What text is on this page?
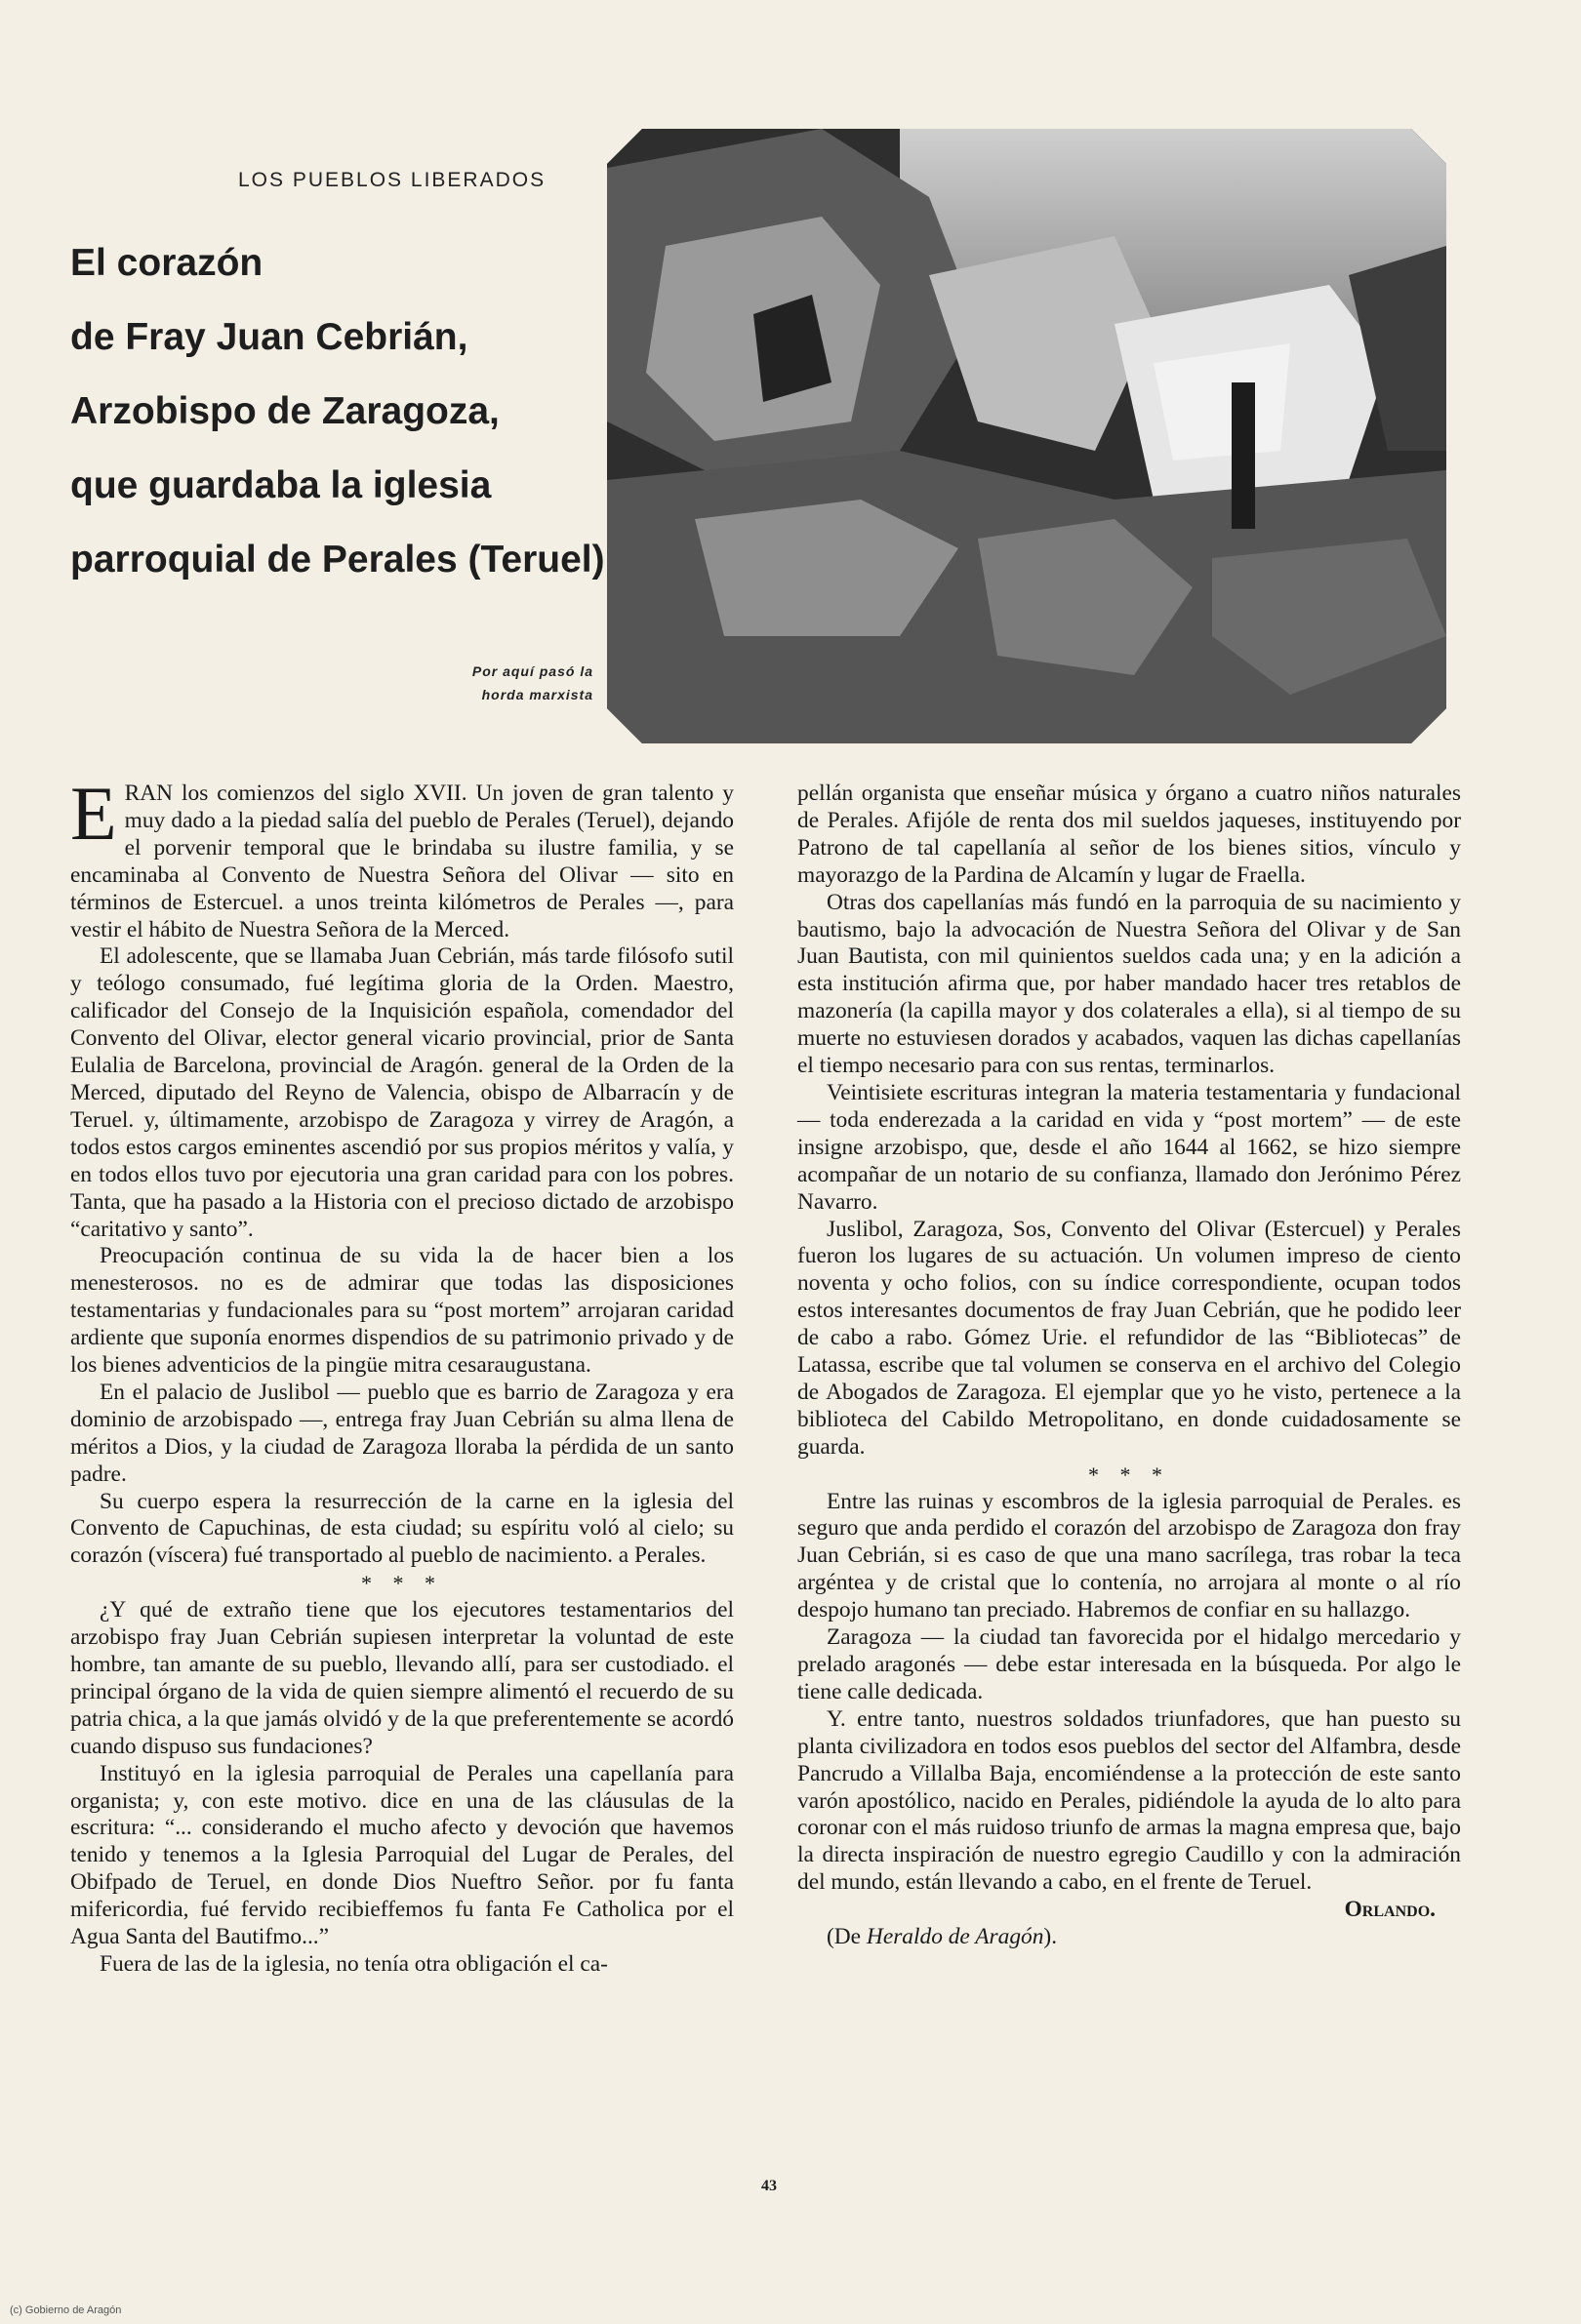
LOS PUEBLOS LIBERADOS
El corazón
de Fray Juan Cebrián,
Arzobispo de Zaragoza,
que guardaba la iglesia
parroquial de Perales (Teruel)
Por aquí pasó la
horda marxista

ERAN los comienzos del siglo XVII. Un joven de gran talento y muy dado a la piedad salía del pueblo de Perales (Teruel), dejando el porvenir temporal que le brindaba su ilustre familia, y se encaminaba al Convento de Nuestra Señora del Olivar — sito en términos de Estercuel. a unos treinta kilómetros de Perales —, para vestir el hábito de Nuestra Señora de la Merced.

El adolescente, que se llamaba Juan Cebrián, más tarde filósofo sutil y teólogo consumado, fué legítima gloria de la Orden. Maestro, calificador del Consejo de la Inquisición española, comendador del Convento del Olivar, elector general vicario provincial, prior de Santa Eulalia de Barcelona, provincial de Aragón. general de la Orden de la Merced, diputado del Reyno de Valencia, obispo de Albarracín y de Teruel. y, últimamente, arzobispo de Zaragoza y virrey de Aragón, a todos estos cargos eminentes ascendió por sus propios méritos y valía, y en todos ellos tuvo por ejecutoria una gran caridad para con los pobres. Tanta, que ha pasado a la Historia con el precioso dictado de arzobispo “caritativo y santo”.

Preocupación continua de su vida la de hacer bien a los menesterosos. no es de admirar que todas las disposiciones testamentarias y fundacionales para su “post mortem” arrojaran caridad ardiente que suponía enormes dispendios de su patrimonio privado y de los bienes adventicios de la pingüe mitra cesaraugustana.

En el palacio de Juslibol — pueblo que es barrio de Zaragoza y era dominio de arzobispado —, entrega fray Juan Cebrián su alma llena de méritos a Dios, y la ciudad de Zaragoza lloraba la pérdida de un santo padre.

Su cuerpo espera la resurrección de la carne en la iglesia del Convento de Capuchinas, de esta ciudad; su espíritu voló al cielo; su corazón (víscera) fué transportado al pueblo de nacimiento. a Perales.

* * *

¿Y qué de extraño tiene que los ejecutores testamentarios del arzobispo fray Juan Cebrián supiesen interpretar la voluntad de este hombre, tan amante de su pueblo, llevando allí, para ser custodiado. el principal órgano de la vida de quien siempre alimentó el recuerdo de su patria chica, a la que jamás olvidó y de la que preferentemente se acordó cuando dispuso sus fundaciones?

Instituyó en la iglesia parroquial de Perales una capellanía para organista; y, con este motivo. dice en una de las cláusulas de la escritura: “... considerando el mucho afecto y devoción que havemos tenido y tenemos a la Iglesia Parroquial del Lugar de Perales, del Obifpado de Teruel, en donde Dios Nueftro Señor. por fu fanta mifericordia, fué fervido recibieffemos fu fanta Fe Catholica por el Agua Santa del Bautifmo...”

Fuera de las de la iglesia, no tenía otra obligación el ca-

pellán organista que enseñar música y órgano a cuatro niños naturales de Perales. Afijóle de renta dos mil sueldos jaqueses, instituyendo por Patrono de tal capellanía al señor de los bienes sitios, vínculo y mayorazgo de la Pardina de Alcamín y lugar de Fraella.

Otras dos capellanías más fundó en la parroquia de su nacimiento y bautismo, bajo la advocación de Nuestra Señora del Olivar y de San Juan Bautista, con mil quinientos sueldos cada una; y en la adición a esta institución afirma que, por haber mandado hacer tres retablos de mazonería (la capilla mayor y dos colaterales a ella), si al tiempo de su muerte no estuviesen dorados y acabados, vaquen las dichas capellanías el tiempo necesario para con sus rentas, terminarlos.

Veintisiete escrituras integran la materia testamentaria y fundacional — toda enderezada a la caridad en vida y “post mortem” — de este insigne arzobispo, que, desde el año 1644 al 1662, se hizo siempre acompañar de un notario de su confianza, llamado don Jerónimo Pérez Navarro.

Juslibol, Zaragoza, Sos, Convento del Olivar (Estercuel) y Perales fueron los lugares de su actuación. Un volumen impreso de ciento noventa y ocho folios, con su índice correspondiente, ocupan todos estos interesantes documentos de fray Juan Cebrián, que he podido leer de cabo a rabo. Gómez Urie. el refundidor de las “Bibliotecas” de Latassa, escribe que tal volumen se conserva en el archivo del Colegio de Abogados de Zaragoza. El ejemplar que yo he visto, pertenece a la biblioteca del Cabildo Metropolitano, en donde cuidadosamente se guarda.

* * *

Entre las ruinas y escombros de la iglesia parroquial de Perales. es seguro que anda perdido el corazón del arzobispo de Zaragoza don fray Juan Cebrián, si es caso de que una mano sacrílega, tras robar la teca argéntea y de cristal que lo contenía, no arrojara al monte o al río despojo humano tan preciado. Habremos de confiar en su hallazgo.

Zaragoza — la ciudad tan favorecida por el hidalgo mercedario y prelado aragonés — debe estar interesada en la búsqueda. Por algo le tiene calle dedicada.

Y. entre tanto, nuestros soldados triunfadores, que han puesto su planta civilizadora en todos esos pueblos del sector del Alfambra, desde Pancrudo a Villalba Baja, encomiéndense a la protección de este santo varón apostólico, nacido en Perales, pidiéndole la ayuda de lo alto para coronar con el más ruidoso triunfo de armas la magna empresa que, bajo la directa inspiración de nuestro egregio Caudillo y con la admiración del mundo, están llevando a cabo, en el frente de Teruel.

Orlando.

(De Heraldo de Aragón).

43
(c) Gobierno de Aragón
